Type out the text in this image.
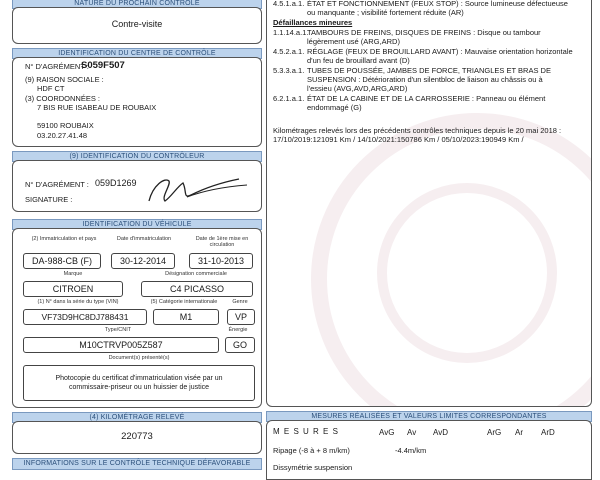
NATURE DU PROCHAIN CONTRÔLE
Contre-visite
IDENTIFICATION DU CENTRE DE CONTRÔLE
N° D'AGRÉMENT :
S059F507
(9) RAISON SOCIALE :
HDF CT
(3) COORDONNÉES :
7 BIS RUE ISABEAU DE ROUBAIX
59100 ROUBAIX
03.20.27.41.48
(9) IDENTIFICATION DU CONTRÔLEUR
N° D'AGRÉMENT : 059D1269
SIGNATURE :
IDENTIFICATION DU VÉHICULE
(2) Immatriculation et pays	Date d'immatriculation	Date de 1ère mise en
circulation
DA-988-CB (F)	30-12-2014	31-10-2013
Marque	Désignation commerciale
CITROEN	C4 PICASSO
(1) N° dans la série du type (VIN)	(5) Catégorie internationale	Genre
VF73D9HC8DJ788431	M1	VP
Type/CNIT	Énergie
M10CTRVP005Z587	GO
Document(s) présenté(s)
Photocopie du certificat d'immatriculation visée par un
commissaire-priseur ou un huissier de justice
(4) KILOMÉTRAGE RELEVÉ
220773
INFORMATIONS SUR LE CONTRÔLE TECHNIQUE DÉFAVORABLE
4.5.1.a.1. ÉTAT ET FONCTIONNEMENT (FEUX STOP) : Source lumineuse défectueuse
ou manquante ; visibilité fortement réduite (AR)
Défaillances mineures
1.1.14.a.1.
TAMBOURS DE FREINS, DISQUES DE FREINS : Disque ou tambour
légèrement usé (ARG,ARD)
4.5.2.a.1. RÉGLAGE (FEUX DE BROUILLARD AVANT) : Mauvaise orientation horizontale
d'un feu de brouillard avant (D)
5.3.3.a.1. TUBES DE POUSSÉE, JAMBES DE FORCE, TRIANGLES ET BRAS DE
SUSPENSION : Détérioration d'un silentbloc de liaison au châssis ou à
l'essieu (AVG,AVD,ARG,ARD)
6.2.1.a.1. ÉTAT DE LA CABINE ET DE LA CARROSSERIE : Panneau ou élément
endommagé (G)
Kilométrages relevés lors des précédents contrôles techniques depuis le 20 mai 2018 :
17/10/2019:121091 Km / 14/10/2021:150786 Km / 05/10/2023:190949 Km /
MESURES RÉALISÉES ET VALEURS LIMITES CORRESPONDANTES
M E S U R E S	AvG Av AvD	ArG Ar ArD
Ripage (-8 à + 8 m/km)	-4.4m/km
Dissymétrie suspension
